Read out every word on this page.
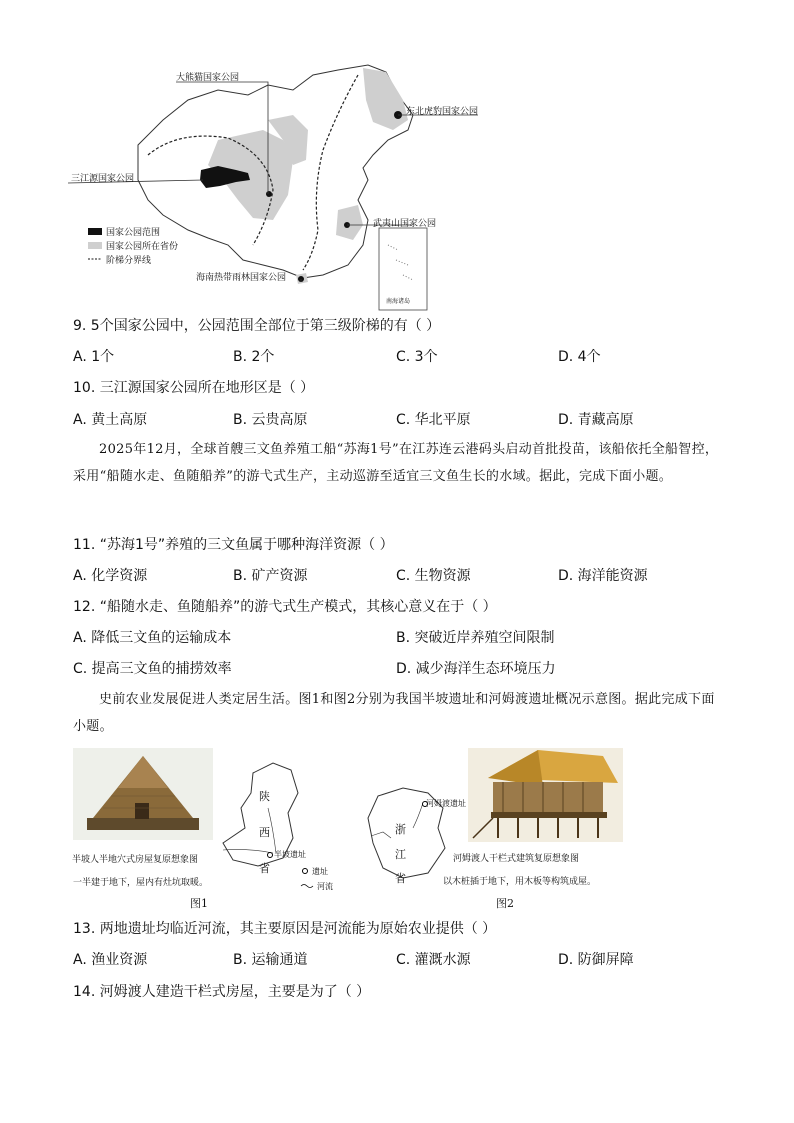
大熊猫国家公园
东北虎豹国家公园
三江源国家公园
武夷山国家公园
海南热带雨林国家公园
南海诸岛
国家公园范围
国家公园所在省份
阶梯分界线
9. 5个国家公园中，公园范围全部位于第三级阶梯的有（ ）
A. 1个	B. 2个	C. 3个	D. 4个
10. 三江源国家公园所在地形区是（ ）
A. 黄土高原	B. 云贵高原	C. 华北平原	D. 青藏高原
2025年12月，全球首艘三文鱼养殖工船“苏海1号”在江苏连云港码头启动首批投苗，该船依托全船智控，采用“船随水走、鱼随船养”的游弋式生产，主动巡游至适宜三文鱼生长的水域。据此，完成下面小题。
11. “苏海1号”养殖的三文鱼属于哪种海洋资源（ ）
A. 化学资源	B. 矿产资源	C. 生物资源	D. 海洋能资源
12. “船随水走、鱼随船养”的游弋式生产模式，其核心意义在于（ ）
A. 降低三文鱼的运输成本	B. 突破近岸养殖空间限制
C. 提高三文鱼的捕捞效率	D. 减少海洋生态环境压力
史前农业发展促进人类定居生活。图1和图2分别为我国半坡遗址和河姆渡遗址概况示意图。据此完成下面小题。
半坡人半地穴式房屋复原想象图
一半建于地下，屋内有灶坑取暖。
陕
西
省
半坡遗址
遗址
河流
图1
河姆渡遗址
浙
江
省
河姆渡人干栏式建筑复原想象图
以木桩插于地下，用木板等构筑成屋。
图2
13. 两地遗址均临近河流，其主要原因是河流能为原始农业提供（ ）
A. 渔业资源	B. 运输通道	C. 灌溉水源	D. 防御屏障
14. 河姆渡人建造干栏式房屋，主要是为了（ ）
